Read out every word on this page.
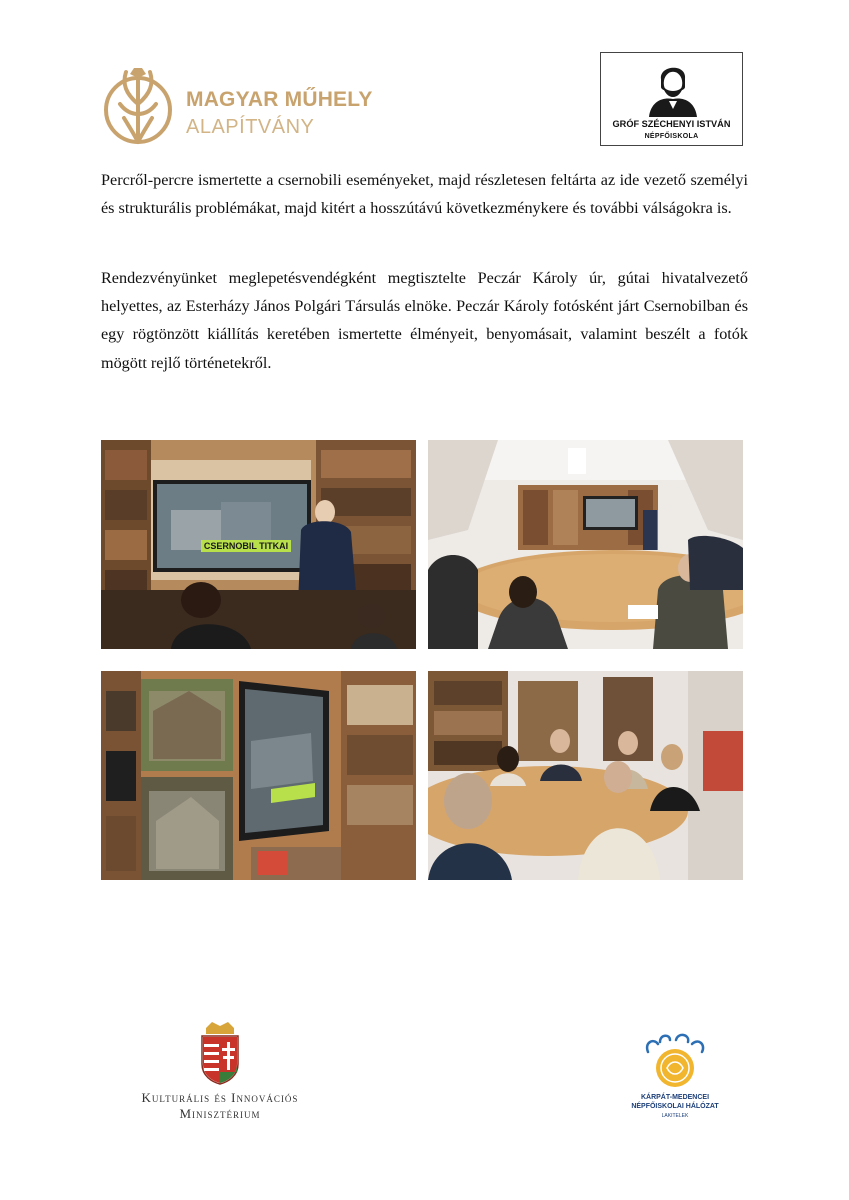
MAGYAR MŰHELY
ALAPÍTVÁNY	GRÓF SZÉCHENYI ISTVÁN
NÉPFŐISKOLA

Percről-percre ismertette a csernobili eseményeket, majd részletesen feltárta az ide vezető személyi és strukturális problémákat, majd kitért a hosszútávú következménykere és további válságokra is.

Rendezvényünket meglepetésvendégként megtisztelte Peczár Károly úr, gútai hivatalvezető helyettes, az Esterházy János Polgári Társulás elnöke. Peczár Károly fotósként járt Csernobilban és egy rögtönzött kiállítás keretében ismertette élményeit, benyomásait, valamint beszélt a fotók mögött rejlő történetekről.

CSERNOBIL TITKAI
Kulturális és Innovációs
Minisztérium
KÁRPÁT-MEDENCEI
NÉPFŐISKOLAI HÁLÓZAT
LAKITELEK
